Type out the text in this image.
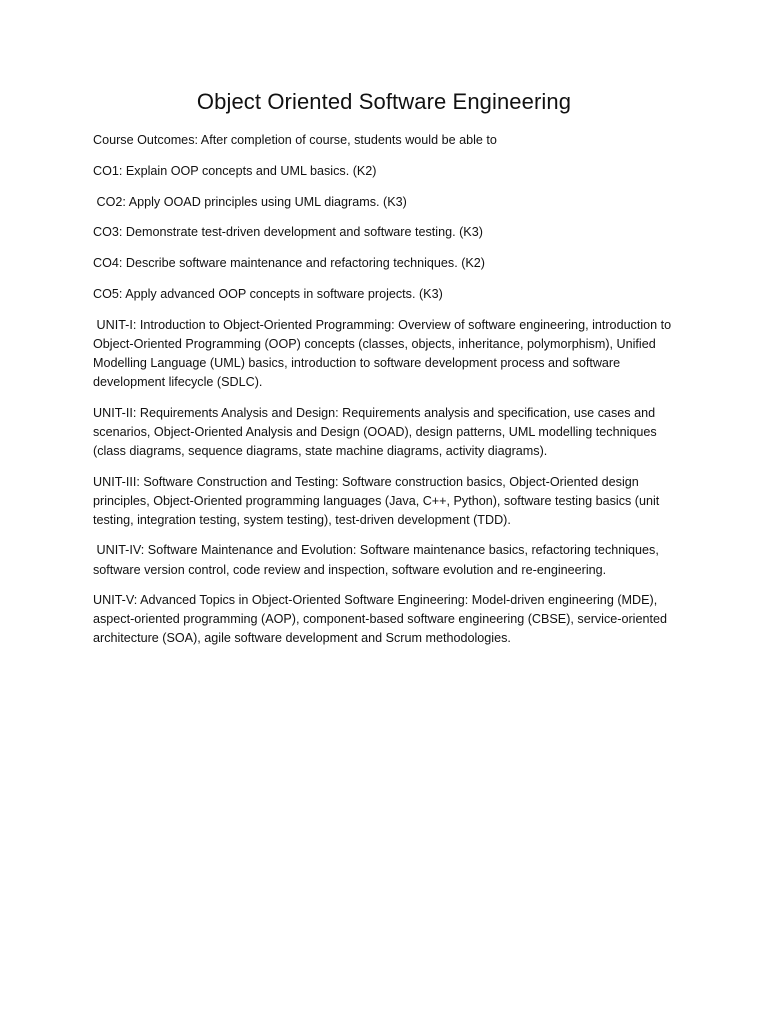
Object Oriented Software Engineering

Course Outcomes: After completion of course, students would be able to

CO1: Explain OOP concepts and UML basics. (K2)

CO2: Apply OOAD principles using UML diagrams. (K3)

CO3: Demonstrate test-driven development and software testing. (K3)

CO4: Describe software maintenance and refactoring techniques. (K2)

CO5: Apply advanced OOP concepts in software projects. (K3)

UNIT-I: Introduction to Object-Oriented Programming: Overview of software engineering, introduction to Object-Oriented Programming (OOP) concepts (classes, objects, inheritance, polymorphism), Unified Modelling Language (UML) basics, introduction to software development process and software development lifecycle (SDLC).

UNIT-II: Requirements Analysis and Design: Requirements analysis and specification, use cases and scenarios, Object-Oriented Analysis and Design (OOAD), design patterns, UML modelling techniques (class diagrams, sequence diagrams, state machine diagrams, activity diagrams).

UNIT-III: Software Construction and Testing: Software construction basics, Object-Oriented design principles, Object-Oriented programming languages (Java, C++, Python), software testing basics (unit testing, integration testing, system testing), test-driven development (TDD).

UNIT-IV: Software Maintenance and Evolution: Software maintenance basics, refactoring techniques, software version control, code review and inspection, software evolution and re-engineering.

UNIT-V: Advanced Topics in Object-Oriented Software Engineering: Model-driven engineering (MDE), aspect-oriented programming (AOP), component-based software engineering (CBSE), service-oriented architecture (SOA), agile software development and Scrum methodologies.
